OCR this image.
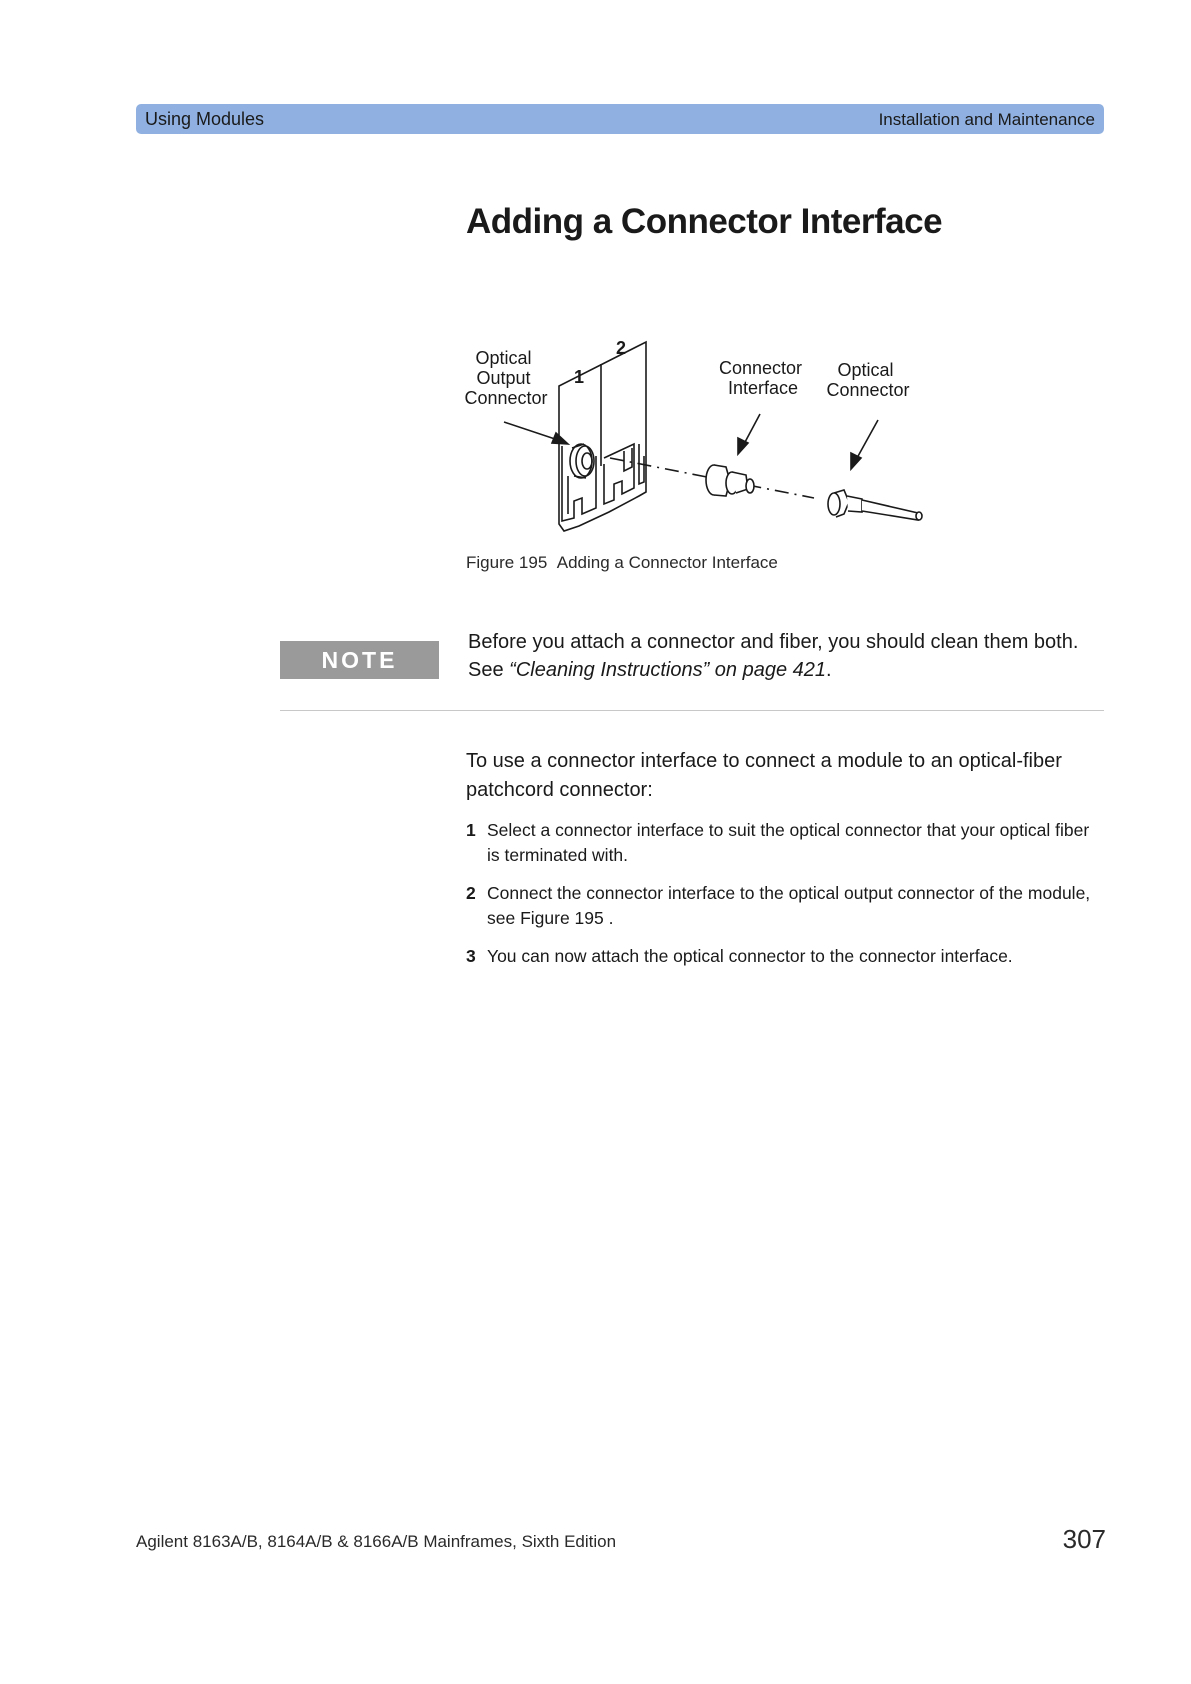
Using Modules	Installation and Maintenance
Adding a Connector Interface
1
2
Optical Output Connector
Connector Interface
Optical Connector
Figure 195 Adding a Connector Interface
NOTE
Before you attach a connector and fiber, you should clean them both. See “Cleaning Instructions” on page 421.

To use a connector interface to connect a module to an optical-fiber patchcord connector:

1 Select a connector interface to suit the optical connector that your optical fiber is terminated with.
2 Connect the connector interface to the optical output connector of the module, see Figure 195 .
3 You can now attach the optical connector to the connector interface.
Agilent 8163A/B, 8164A/B & 8166A/B Mainframes, Sixth Edition	307
